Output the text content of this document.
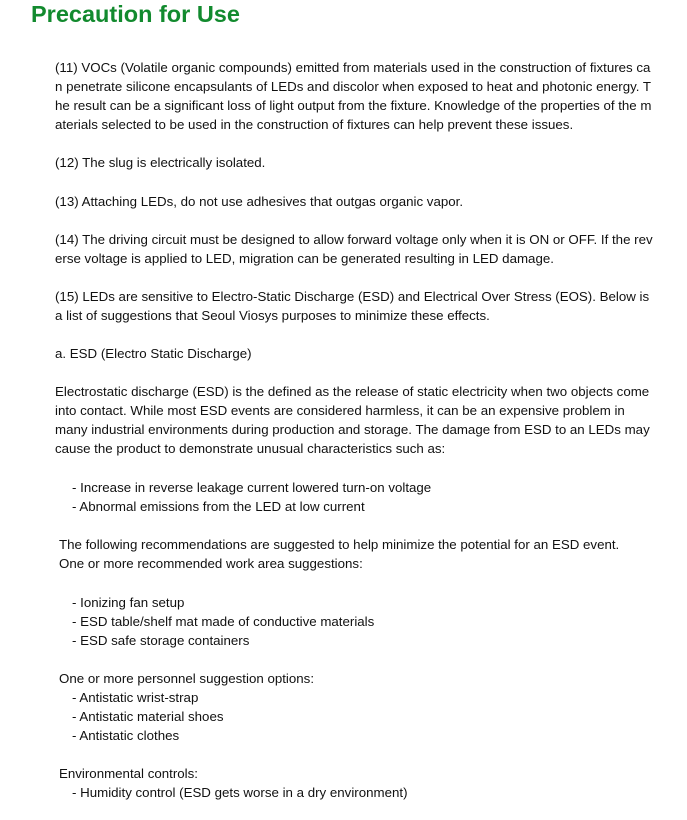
Precaution for Use
(11) VOCs (Volatile organic compounds) emitted from materials used in the construction of fixtures ca
n penetrate silicone encapsulants of LEDs and discolor when exposed to heat and photonic energy. T
he result can be a significant loss of light output from the fixture. Knowledge of the properties of the m
aterials selected to be used in the construction of fixtures can help prevent these issues.
(12) The slug is electrically isolated.
(13) Attaching LEDs, do not use adhesives that outgas organic vapor.
(14) The driving circuit must be designed to allow forward voltage only when it is ON or OFF. If the rev
erse voltage is applied to LED, migration can be generated resulting in LED damage.
(15) LEDs are sensitive to Electro-Static Discharge (ESD) and Electrical Over Stress (EOS). Below is
a list of suggestions that Seoul Viosys purposes to minimize these effects.
a. ESD (Electro Static Discharge)
Electrostatic discharge (ESD) is the defined as the release of static electricity when two objects come
into contact. While most ESD events are considered harmless, it can be an expensive problem in
many industrial environments during production and storage. The damage from ESD to an LEDs may
cause the product to demonstrate unusual characteristics such as:
- Increase in reverse leakage current lowered turn-on voltage
- Abnormal emissions from the LED at low current
The following recommendations are suggested to help minimize the potential for an ESD event.
One or more recommended work area suggestions:
- Ionizing fan setup
- ESD table/shelf mat made of conductive materials
- ESD safe storage containers
One or more personnel suggestion options:
- Antistatic wrist-strap
- Antistatic material shoes
- Antistatic clothes
Environmental controls:
- Humidity control (ESD gets worse in a dry environment)
